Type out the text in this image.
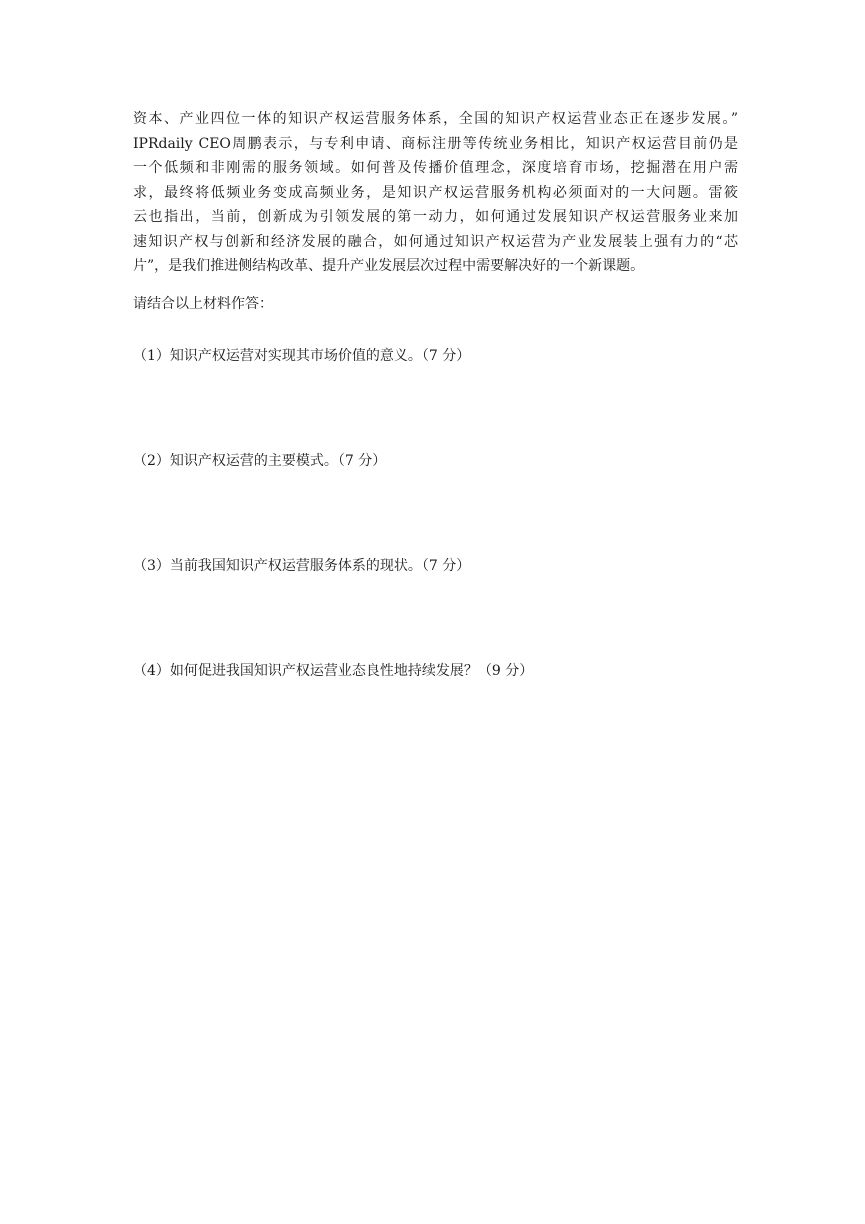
资本、产业四位一体的知识产权运营服务体系，全国的知识产权运营业态正在逐步发展。”
IPRdaily CEO周鹏表示，与专利申请、商标注册等传统业务相比，知识产权运营目前仍是
一个低频和非刚需的服务领域。如何普及传播价值理念，深度培育市场，挖掘潜在用户需
求，最终将低频业务变成高频业务，是知识产权运营服务机构必须面对的一大问题。雷筱
云也指出，当前，创新成为引领发展的第一动力，如何通过发展知识产权运营服务业来加
速知识产权与创新和经济发展的融合，如何通过知识产权运营为产业发展装上强有力的“芯
片”，是我们推进侧结构改革、提升产业发展层次过程中需要解决好的一个新课题。
请结合以上材料作答：
（1）知识产权运营对实现其市场价值的意义。（7 分）
（2）知识产权运营的主要模式。（7 分）
（3）当前我国知识产权运营服务体系的现状。（7 分）
（4）如何促进我国知识产权运营业态良性地持续发展？（9 分）
